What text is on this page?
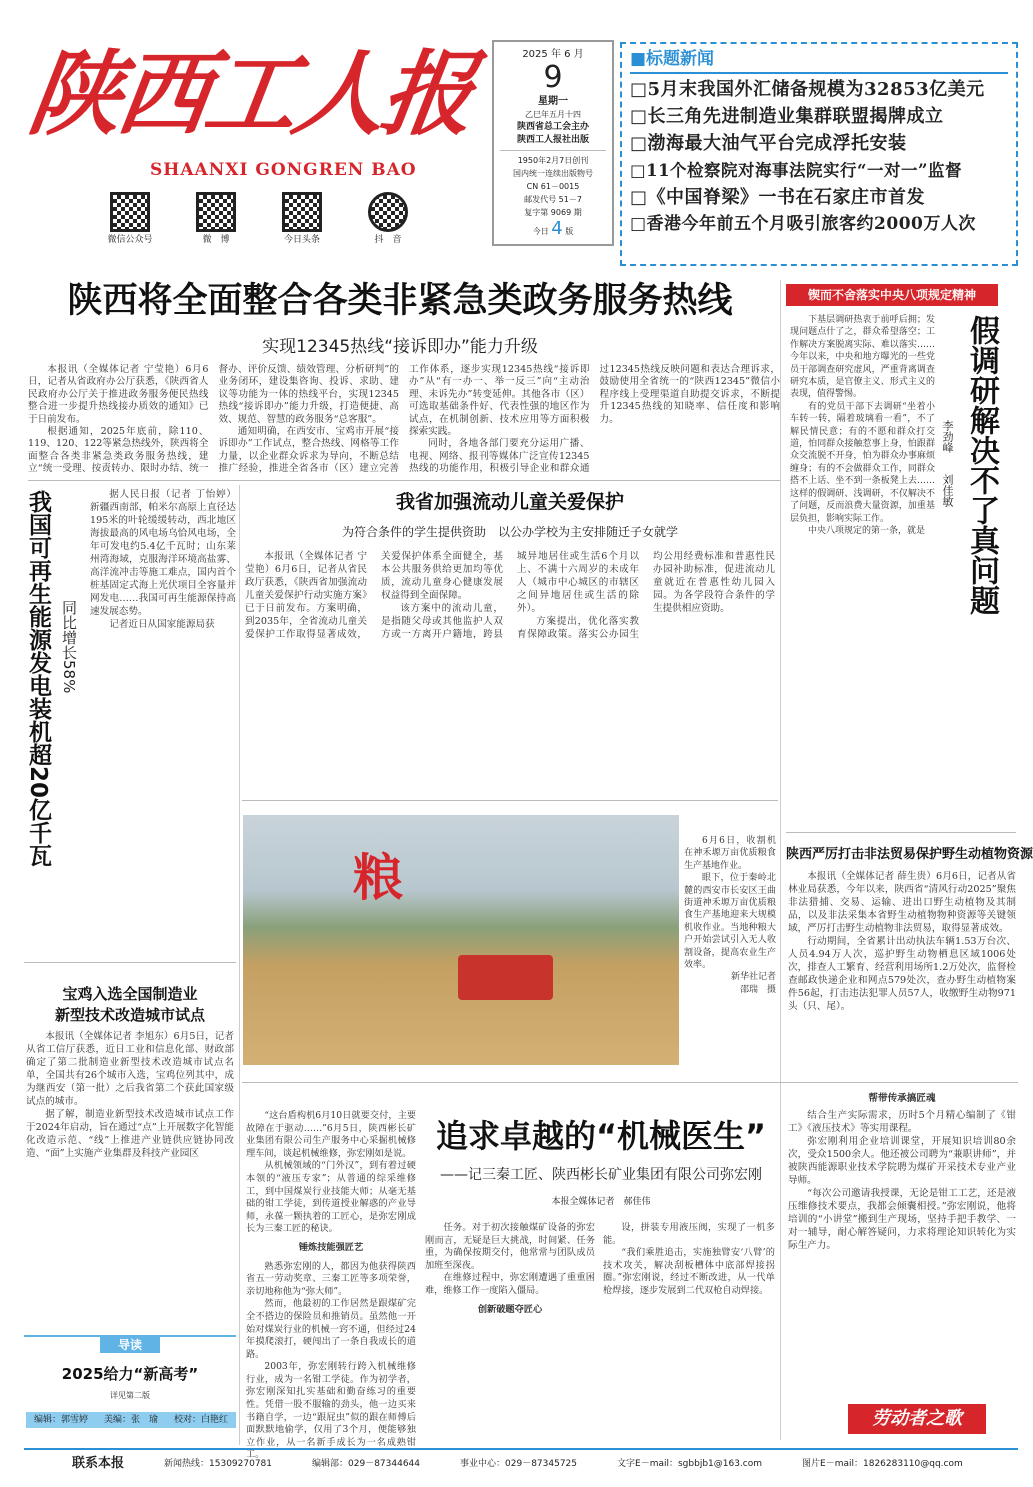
陕西工人报
SHAANXI GONGREN BAO
微信公众号	微　博	今日头条	抖　音
2025 年 6 月
9
星期一
乙巳年五月十四
陕西省总工会主办
陕西工人报社出版
1950年2月7日创刊
国内统一连续出版物号
CN 61－0015
邮发代号 51－7
复字第 9069 期
今日 4 版
■标题新闻
□5月末我国外汇储备规模为32853亿美元
□长三角先进制造业集群联盟揭牌成立
□渤海最大油气平台完成浮托安装
□11个检察院对海事法院实行“一对一”监督
□《中国脊梁》一书在石家庄市首发
□香港今年前五个月吸引旅客约2000万人次
陕西将全面整合各类非紧急类政务服务热线
实现12345热线“接诉即办”能力升级

本报讯（全媒体记者 宁莹艳）6月6日，记者从省政府办公厅获悉，《陕西省人民政府办公厅关于推进政务服务便民热线整合进一步提升热线接办质效的通知》已于日前发布。

根据通知，2025年底前，除110、119、120、122等紧急热线外，陕西将全面整合各类非紧急类政务服务热线，建立“统一受理、按责转办、限时办结、统一督办、评价反馈、绩效管理、分析研判”的业务闭环，建设集咨询、投诉、求助、建议等功能为一体的热线平台，实现12345热线“接诉即办”能力升级，打造便捷、高效、规范、智慧的政务服务“总客服”。

通知明确，在西安市、宝鸡市开展“接诉即办”工作试点，整合热线、网格等工作力量，以企业群众诉求为导向，不断总结推广经验，推进全省各市（区）建立完善工作体系，逐步实现12345热线“接诉即办”从“有一办一、举一反三”向“主动治理、未诉先办”转变延伸。其他各市（区）可选取基础条件好、代表性强的地区作为试点，在机制创新、技术应用等方面积极探索实践。

同时，各地各部门要充分运用广播、电视、网络、报刊等媒体广泛宣传12345热线的功能作用，积极引导企业和群众通过12345热线反映问题和表达合理诉求，鼓励使用全省统一的“陕西12345”微信小程序线上受理渠道自助提交诉求，不断提升12345热线的知晓率、信任度和影响力。

锲而不舍落实中央八项规定精神
假调研解决不了真问题
李劲峰
刘佳敏

下基层调研热衷于前呼后拥；发现问题点什了之，群众希望落空；工作解决方案脱离实际、难以落实……今年以来，中央和地方曝光的一些党员干部调查研究虚风，严重背离调查研究本质，是官僚主义、形式主义的表现，值得警惕。

有的党员干部下去调研“坐着小车转一转，隔着玻璃看一看”，不了解民情民意；有的不愿和群众打交道，怕同群众接触惹事上身，怕跟群众交流脱不开身，怕为群众办事麻烦缠身；有的不会做群众工作，同群众搭不上话、坐不到一条板凳上去……这样的假调研、浅调研，不仅解决不了问题，反而浪费大量资源，加重基层负担，影响实际工作。

中央八项规定的第一条，就是

我国可再生能源发电装机超20亿千瓦 同比增长58%

据人民日报（记者 丁怡婷）新疆西南部，帕米尔高原上直径达195米的叶轮缓缓转动，西北地区海拔最高的风电场乌恰风电场，全年可发电约5.4亿千瓦时；山东莱州湾海域，克服海洋环境高盐雾、高洋流冲击等施工难点，国内首个桩基固定式海上光伏项目全容量并网发电……我国可再生能源保持高速发展态势。

记者近日从国家能源局获

我省加强流动儿童关爱保护
为符合条件的学生提供资助　以公办学校为主安排随迁子女就学

本报讯（全媒体记者 宁莹艳）6月6日，记者从省民政厅获悉，《陕西省加强流动儿童关爱保护行动实施方案》已于日前发布。方案明确，到2035年，全省流动儿童关爱保护工作取得显著成效，关爱保护体系全面健全，基本公共服务供给更加均等优质，流动儿童身心健康发展权益得到全面保障。

该方案中的流动儿童，是指随父母或其他监护人双方或一方离开户籍地，跨县城异地居住或生活6个月以上、不满十六周岁的未成年人（城市中心城区的市辖区之间异地居住或生活的除外）。

方案提出，优化落实教育保障政策。落实公办园生均公用经费标准和普惠性民办园补助标准，促进流动儿童就近在普惠性幼儿园入园。为各学段符合条件的学生提供相应资助。

粮

6月6日，收割机在神禾塬万亩优质粮食生产基地作业。

眼下，位于秦岭北麓的西安市长安区王曲街道神禾塬万亩优质粮食生产基地迎来大规模机收作业。当地种粮大户开始尝试引入无人收割设备，提高农业生产效率。

新华社记者
邵瑞　摄
陕西严厉打击非法贸易保护野生动植物资源

本报讯（全媒体记者 薛生贵）6月6日，记者从省林业局获悉，今年以来，陕西省“清风行动2025”聚焦非法猎捕、交易、运输、进出口野生动植物及其制品，以及非法采集本省野生动植物物种资源等关键领域，严厉打击野生动植物非法贸易，取得显著成效。

行动期间，全省累计出动执法车辆1.53万台次、人员4.94万人次，巡护野生动物栖息区域1006处次，排查人工繁育、经营利用场所1.2万处次，监督检查邮政快递企业和网点579处次，查办野生动植物案件56起，打击违法犯罪人员57人，收缴野生动物971头（只、尾）。

宝鸡入选全国制造业
新型技术改造城市试点

本报讯（全媒体记者 李旭东）6月5日，记者从省工信厅获悉，近日工业和信息化部、财政部确定了第二批制造业新型技术改造城市试点名单，全国共有26个城市入选，宝鸡位列其中，成为继西安（第一批）之后我省第二个获此国家级试点的城市。

据了解，制造业新型技术改造城市试点工作于2024年启动，旨在通过“点”上开展数字化智能化改造示范、“线”上推进产业链供应链协同改造、“面”上实施产业集群及科技产业园区

导读
2025给力“新高考”
详见第二版
编辑：郭雪婷 美编：张　瑜 校对：白艳红

“这台盾构机6月10日就要交付，主要故障在于驱动……”6月5日，陕西彬长矿业集团有限公司生产服务中心采掘机械修理车间，谈起机械维修，弥宏刚如是说。

从机械领域的“门外汉”，到有着过硬本领的“液压专家”；从普通的综采维修工，到中国煤炭行业技能大师；从毫无基础的钳工学徒，到传道授业解惑的产业导师，永葆一颗执着的工匠心，是弥宏刚成长为三秦工匠的秘诀。

锤炼技能强匠艺

熟悉弥宏刚的人，都因为他获得陕西省五一劳动奖章、三秦工匠等多项荣誉，亲切地称他为“弥大师”。

然而，他最初的工作居然是跟煤矿完全不搭边的保险员和推销员。虽然他一开始对煤炭行业的机械一窍不通，但经过24年摸爬滚打，硬闯出了一条自我成长的道路。

2003年，弥宏刚转行跨入机械维修行业，成为一名钳工学徒。作为初学者，弥宏刚深知扎实基础和勤奋练习的重要性。凭借一股不服输的劲头，他一边买来书籍自学，一边“跟屁虫”似的跟在师傅后面默默地偷学，仅用了3个月，便能够独立作业，从一名新手成长为一名成熟钳工。

追求卓越的“机械医生”
——记三秦工匠、陕西彬长矿业集团有限公司弥宏刚
本报全媒体记者　郝佳伟

任务。对于初次接触煤矿设备的弥宏刚而言，无疑是巨大挑战，时间紧、任务重，为确保按期交付，他常常与团队成员加班至深夜。

在维修过程中，弥宏刚遭遇了重重困难，维修工作一度陷入僵局。

创新破题夺匠心

设，拼装专用液压阀，实现了一机多能。

“我们乘胜追击，实施独臂安‘八臂’的技术攻关，解决刮板槽体中底部焊接拐圈。”弥宏刚说，经过不断改进，从一代单枪焊接，逐步发展到二代双枪自动焊接。

帮带传承搞匠魂

结合生产实际需求，历时5个月精心编制了《钳工》《液压技术》等实用课程。

弥宏刚利用企业培训课堂，开展知识培训80余次，受众1500余人。他还被公司聘为“兼职讲师”，并被陕西能源职业技术学院聘为煤矿开采技术专业产业导师。

“每次公司邀请我授课，无论是钳工工艺，还是液压维修技术要点，我都会倾囊相授。”弥宏刚说，他将培训的“小讲堂”搬到生产现场，坚持手把手教学、一对一辅导，耐心解答疑问，力求将理论知识转化为实际生产力。

劳动者之歌
联系本报	新闻热线：15309270781	编辑部：029－87344644	事业中心：029－87345725	文字E－mail：sgbbjb1@163.com	图片E－mail：1826283110@qq.com
